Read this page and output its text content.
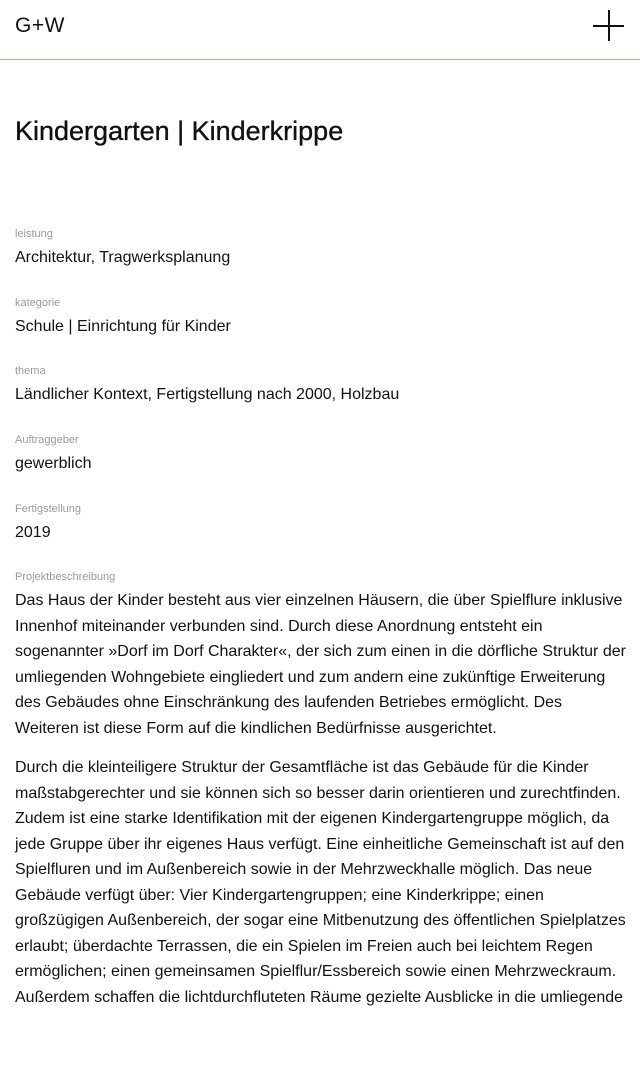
G+W
Kindergarten | Kinderkrippe
leistung
Architektur, Tragwerksplanung
kategorie
Schule | Einrichtung für Kinder
thema
Ländlicher Kontext, Fertigstellung nach 2000, Holzbau
Auftraggeber
gewerblich
Fertigstellung
2019
Projektbeschreibung

Das Haus der Kinder besteht aus vier einzelnen Häusern, die über Spielflure inklusive Innenhof miteinander verbunden sind. Durch diese Anordnung entsteht ein sogenannter »Dorf im Dorf Charakter«, der sich zum einen in die dörfliche Struktur der umliegenden Wohngebiete eingliedert und zum andern eine zukünftige Erweiterung des Gebäudes ohne Einschränkung des laufenden Betriebes ermöglicht. Des Weiteren ist diese Form auf die kindlichen Bedürfnisse ausgerichtet.

Durch die kleinteiligere Struktur der Gesamtfläche ist das Gebäude für die Kinder maßstabgerechter und sie können sich so besser darin orientieren und zurechtfinden. Zudem ist eine starke Identifikation mit der eigenen Kindergartengruppe möglich, da jede Gruppe über ihr eigenes Haus verfügt. Eine einheitliche Gemeinschaft ist auf den Spielfluren und im Außenbereich sowie in der Mehrzweckhalle möglich. Das neue Gebäude verfügt über: Vier Kindergartengruppen; eine Kinderkrippe; einen großzügigen Außenbereich, der sogar eine Mitbenutzung des öffentlichen Spielplatzes erlaubt; überdachte Terrassen, die ein Spielen im Freien auch bei leichtem Regen ermöglichen; einen gemeinsamen Spielflur/Essbereich sowie einen Mehrzweckraum. Außerdem schaffen die lichtdurchfluteten Räume gezielte Ausblicke in die umliegende
